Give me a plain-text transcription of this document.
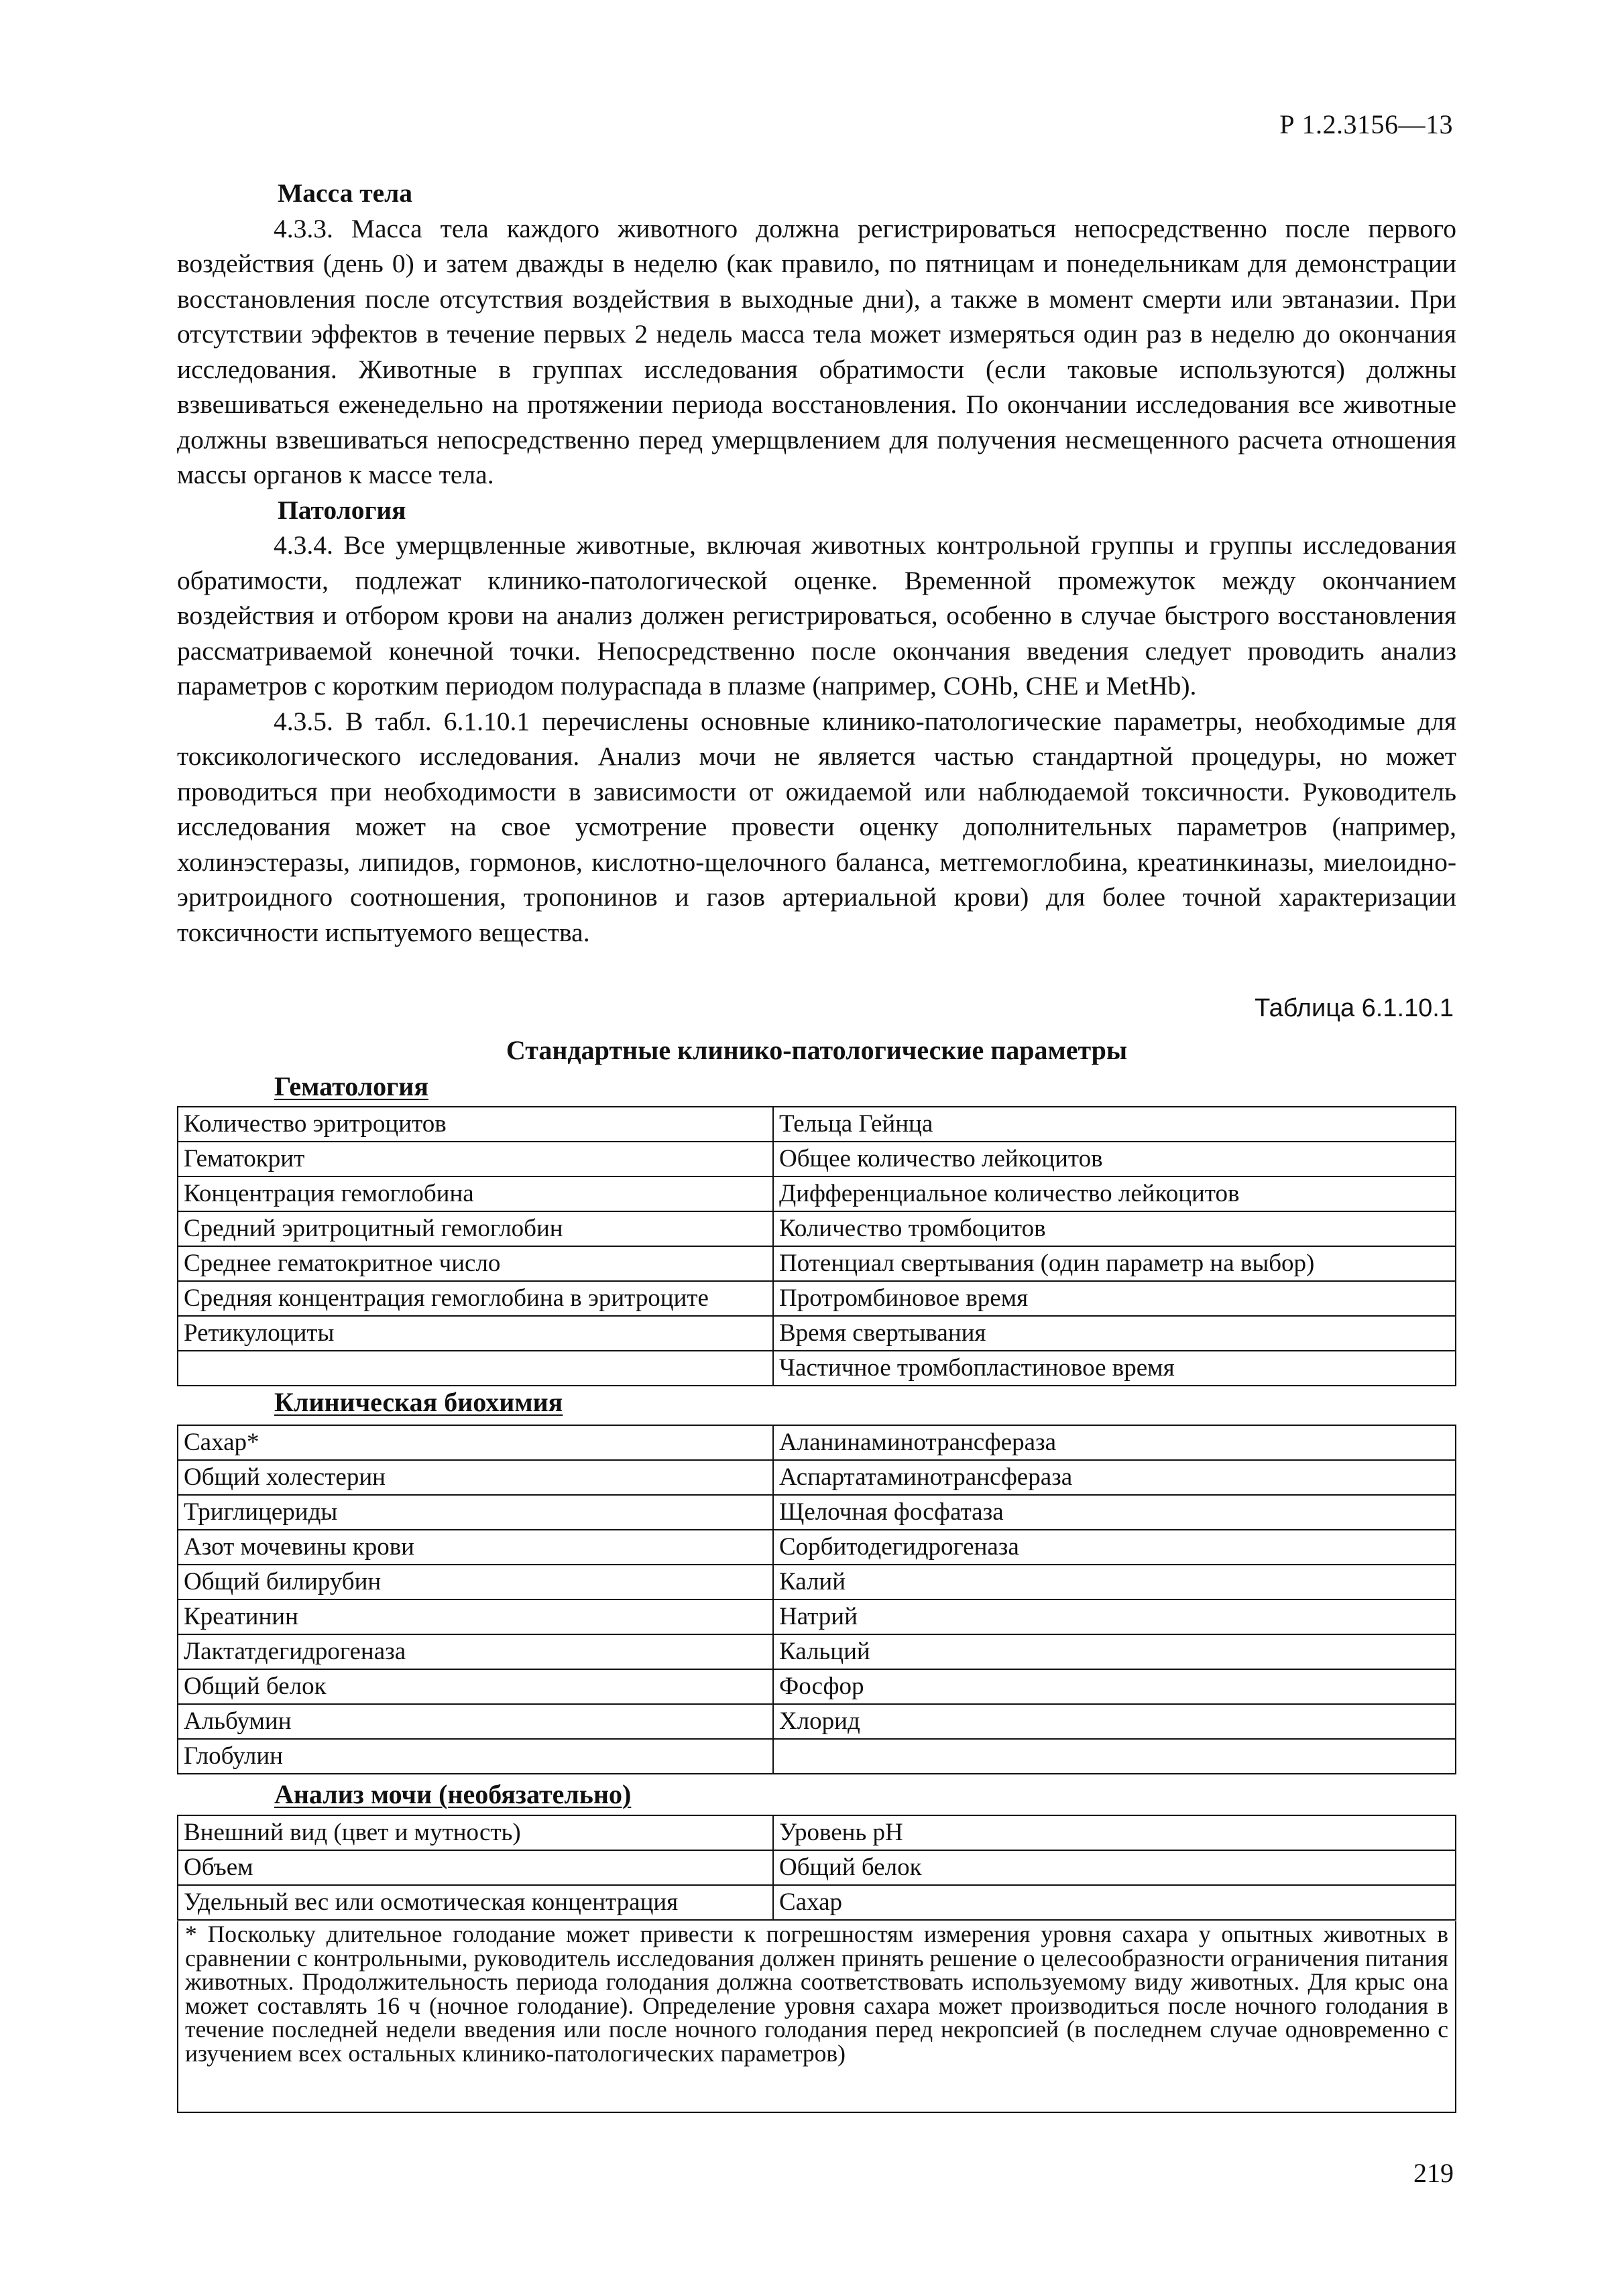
Р 1.2.3156—13
Масса тела

4.3.3. Масса тела каждого животного должна регистрироваться непосредственно после первого воздействия (день 0) и затем дважды в неделю (как правило, по пятницам и понедельникам для демонстрации восстановления после отсутствия воздействия в выходные дни), а также в момент смерти или эвтаназии. При отсутствии эффектов в течение первых 2 недель масса тела может измеряться один раз в неделю до окончания исследования. Животные в группах исследования обратимости (если таковые используются) должны взвешиваться еженедельно на протяжении периода восстановления. По окончании исследования все животные должны взвешиваться непосредственно перед умерщвлением для получения несмещенного расчета отношения массы органов к массе тела.

Патология

4.3.4. Все умерщвленные животные, включая животных контрольной группы и группы исследования обратимости, подлежат клинико-патологической оценке. Временной промежуток между окончанием воздействия и отбором крови на анализ должен регистрироваться, особенно в случае быстрого восстановления рассматриваемой конечной точки. Непосредственно после окончания введения следует проводить анализ параметров с коротким периодом полураспада в плазме (например, COHb, CHE и MetHb).

4.3.5. В табл. 6.1.10.1 перечислены основные клинико-патологические параметры, необходимые для токсикологического исследования. Анализ мочи не является частью стандартной процедуры, но может проводиться при необходимости в зависимости от ожидаемой или наблюдаемой токсичности. Руководитель исследования может на свое усмотрение провести оценку дополнительных параметров (например, холинэстеразы, липидов, гормонов, кислотно-щелочного баланса, метгемоглобина, креатинкиназы, миелоидно-эритроидного соотношения, тропонинов и газов артериальной крови) для более точной характеризации токсичности испытуемого вещества.

Таблица 6.1.10.1
Стандартные клинико-патологические параметры
Гематология
Количество эритроцитов	Тельца Гейнца
Гематокрит	Общее количество лейкоцитов
Концентрация гемоглобина	Дифференциальное количество лейкоцитов
Средний эритроцитный гемоглобин	Количество тромбоцитов
Среднее гематокритное число	Потенциал свертывания (один параметр на выбор)
Средняя концентрация гемоглобина в эритроците	Протромбиновое время
Ретикулоциты	Время свертывания
	Частичное тромбопластиновое время
Клиническая биохимия
Сахар*	Аланинаминотрансфераза
Общий холестерин	Аспартатаминотрансфераза
Триглицериды	Щелочная фосфатаза
Азот мочевины крови	Сорбитодегидрогеназа
Общий билирубин	Калий
Креатинин	Натрий
Лактатдегидрогеназа	Кальций
Общий белок	Фосфор
Альбумин	Хлорид
Глобулин	
Анализ мочи (необязательно)
Внешний вид (цвет и мутность)	Уровень pH
Объем	Общий белок
Удельный вес или осмотическая концентрация	Сахар
* Поскольку длительное голодание может привести к погрешностям измерения уровня сахара у опытных животных в сравнении с контрольными, руководитель исследования должен принять решение о целесообразности ограничения питания животных. Продолжительность периода голодания должна соответствовать используемому виду животных. Для крыс она может составлять 16 ч (ночное голодание). Определение уровня сахара может производиться после ночного голодания в течение последней недели введения или после ночного голодания перед некропсией (в последнем случае одновременно с изучением всех остальных клинико-патологических параметров)
219
